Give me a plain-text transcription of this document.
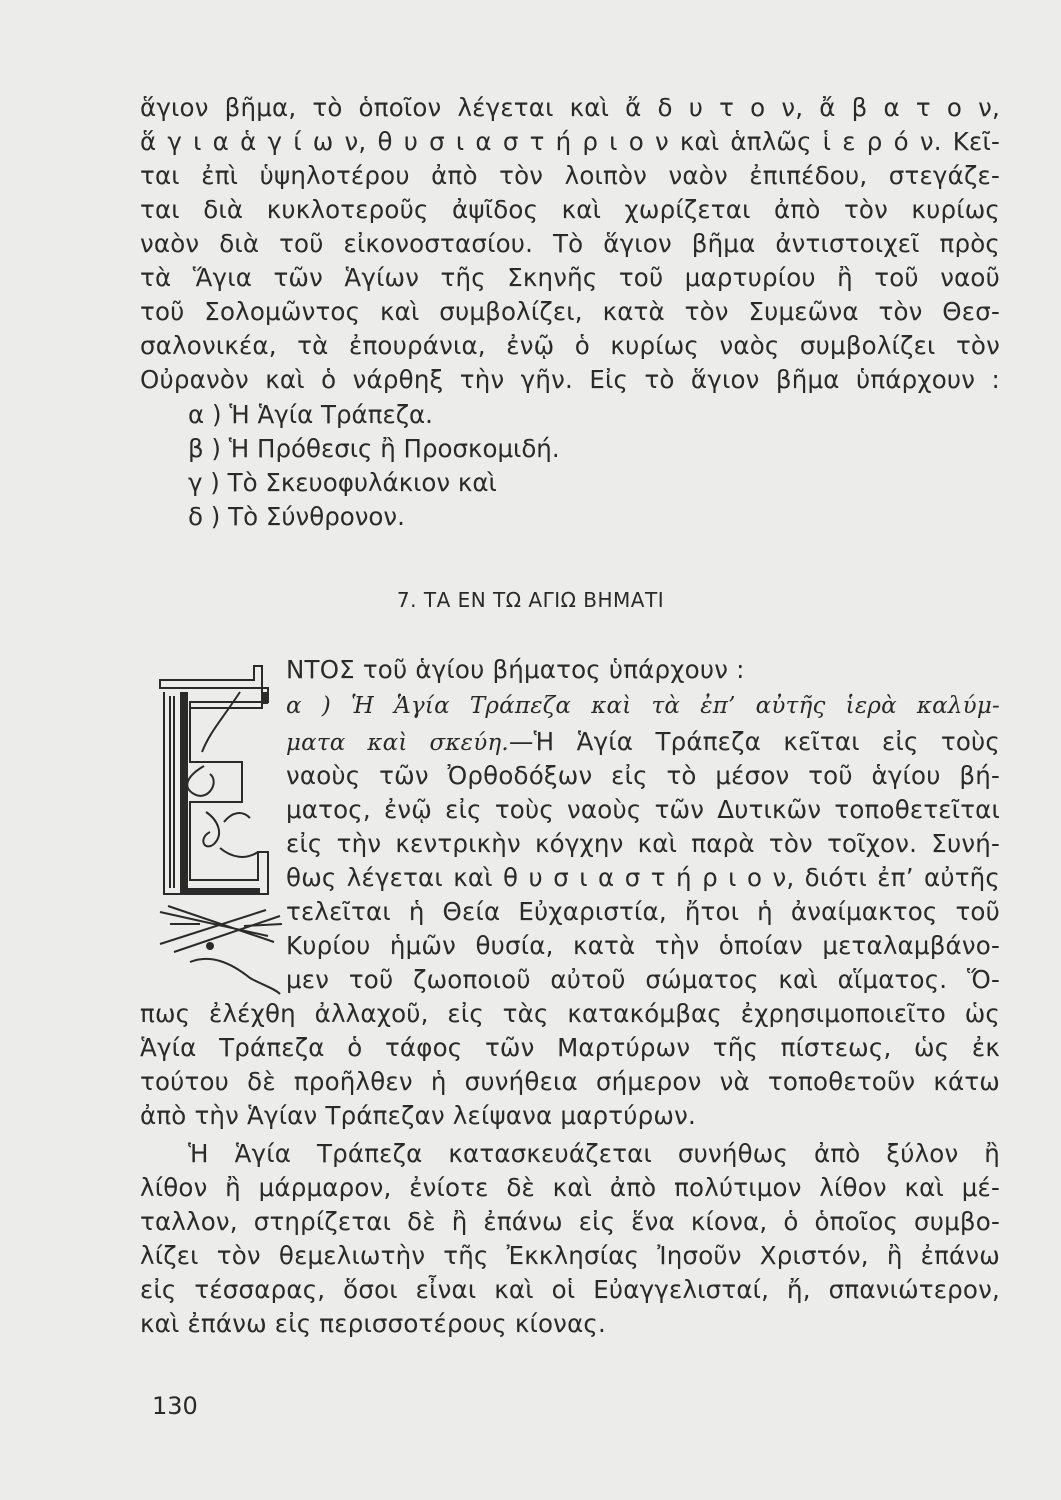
ἅγιον βῆμα, τὸ ὁποῖον λέγεται καὶ ἄ δ υ τ ο ν, ἄ β α τ ο ν,
ἅ γ ι α ἁ γ ί ω ν, θ υ σ ι α σ τ ή ρ ι ο ν καὶ ἁπλῶς ἱ ε ρ ό ν. Κεῖ-
ται ἐπὶ ὑψηλοτέρου ἀπὸ τὸν λοιπὸν ναὸν ἐπιπέδου, στεγάζε-
ται διὰ κυκλοτεροῦς ἀψῖδος καὶ χωρίζεται ἀπὸ τὸν κυρίως
ναὸν διὰ τοῦ εἰκονοστασίου. Τὸ ἅγιον βῆμα ἀντιστοιχεῖ πρὸς
τὰ Ἅγια τῶν Ἁγίων τῆς Σκηνῆς τοῦ μαρτυρίου ἢ τοῦ ναοῦ
τοῦ Σολομῶντος καὶ συμβολίζει, κατὰ τὸν Συμεῶνα τὸν Θεσ-
σαλονικέα, τὰ ἐπουράνια, ἐνῷ ὁ κυρίως ναὸς συμβολίζει τὸν
Οὐρανὸν καὶ ὁ νάρθηξ τὴν γῆν. Εἰς τὸ ἅγιον βῆμα ὑπάρχουν :
α ) Ἡ Ἁγία Τράπεζα.
β ) Ἡ Πρόθεσις ἢ Προσκομιδή.
γ ) Τὸ Σκευοφυλάκιον καὶ
δ ) Τὸ Σύνθρονον.
7. ΤΑ ΕΝ ΤΩ ΑΓΙΩ ΒΗΜΑΤΙ
Ε	ΝΤΟΣ τοῦ ἁγίου βήματος ὑπάρχουν :
α ) Ἡ Ἁγία Τράπεζα καὶ τὰ ἐπ’ αὐτῆς ἱερὰ καλύμ-
ματα καὶ σκεύη.—Ἡ Ἁγία Τράπεζα κεῖται εἰς τοὺς
ναοὺς τῶν Ὀρθοδόξων εἰς τὸ μέσον τοῦ ἁγίου βή-
ματος, ἐνῷ εἰς τοὺς ναοὺς τῶν Δυτικῶν τοποθετεῖται
εἰς τὴν κεντρικὴν κόγχην καὶ παρὰ τὸν τοῖχον. Συνή-
θως λέγεται καὶ θ υ σ ι α σ τ ή ρ ι ο ν, διότι ἐπ’ αὐτῆς
τελεῖται ἡ Θεία Εὐχαριστία, ἤτοι ἡ ἀναίμακτος τοῦ
Κυρίου ἡμῶν θυσία, κατὰ τὴν ὁποίαν μεταλαμβάνο-
μεν τοῦ ζωοποιοῦ αὐτοῦ σώματος καὶ αἵματος. Ὅ-
πως ἐλέχθη ἀλλαχοῦ, εἰς τὰς κατακόμβας ἐχρησιμοποιεῖτο ὡς
Ἁγία Τράπεζα ὁ τάφος τῶν Μαρτύρων τῆς πίστεως, ὡς ἐκ
τούτου δὲ προῆλθεν ἡ συνήθεια σήμερον νὰ τοποθετοῦν κάτω
ἀπὸ τὴν Ἁγίαν Τράπεζαν λείψανα μαρτύρων.
Ἡ Ἁγία Τράπεζα κατασκευάζεται συνήθως ἀπὸ ξύλον ἢ
λίθον ἢ μάρμαρον, ἐνίοτε δὲ καὶ ἀπὸ πολύτιμον λίθον καὶ μέ-
ταλλον, στηρίζεται δὲ ἢ ἐπάνω εἰς ἕνα κίονα, ὁ ὁποῖος συμβο-
λίζει τὸν θεμελιωτὴν τῆς Ἐκκλησίας Ἰησοῦν Χριστόν, ἢ ἐπάνω
εἰς τέσσαρας, ὅσοι εἶναι καὶ οἱ Εὐαγγελισταί, ἤ, σπανιώτερον,
καὶ ἐπάνω εἰς περισσοτέρους κίονας.
130
